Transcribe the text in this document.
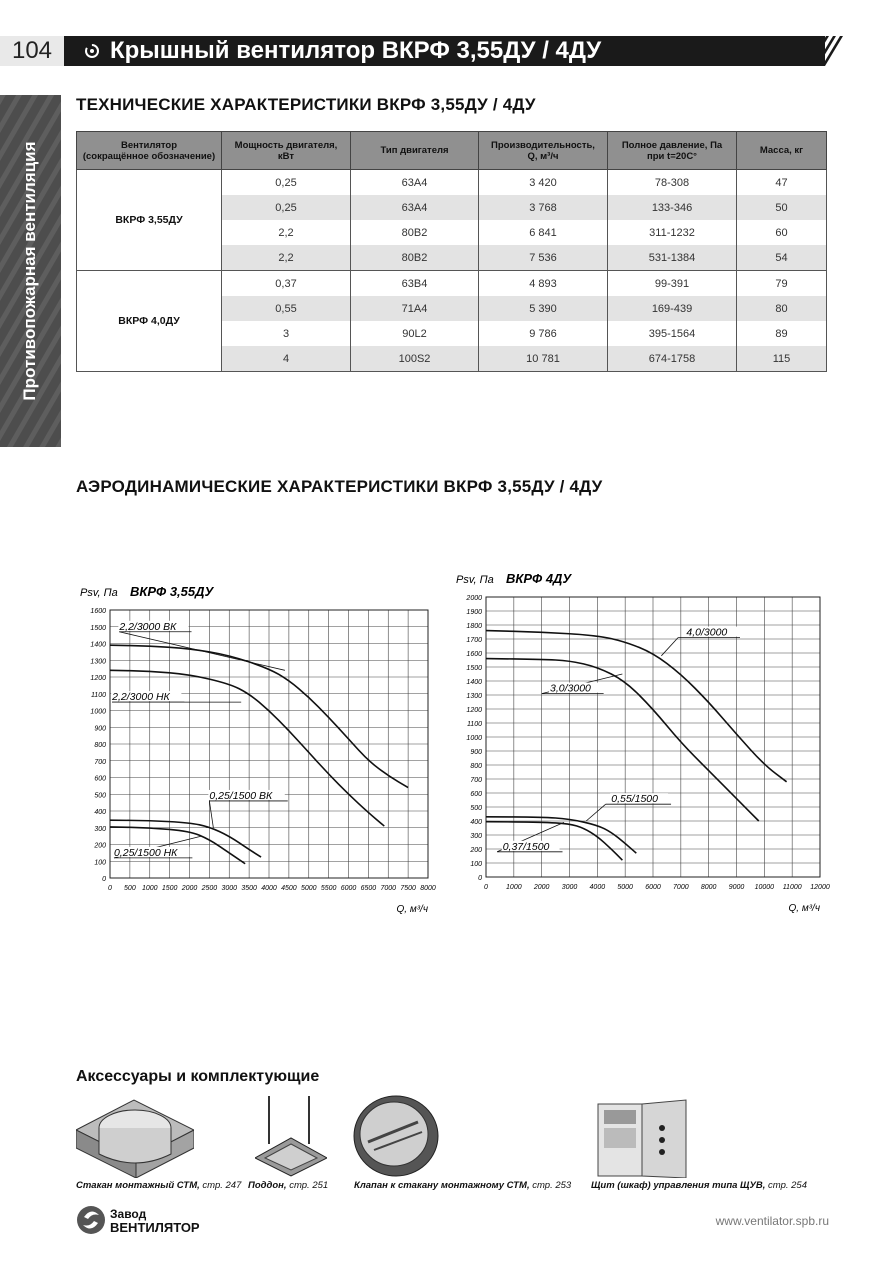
104	Крышный вентилятор ВКРФ 3,55ДУ / 4ДУ
Противопожарная вентиляция
ТЕХНИЧЕСКИЕ ХАРАКТЕРИСТИКИ ВКРФ 3,55ДУ / 4ДУ
Вентилятор
(сокращённое обозначение)	Мощность двигателя,
кВт	Тип двигателя	Производительность,
Q, м³/ч	Полное давление, Па
при t=20C°	Масса, кг
ВКРФ 3,55ДУ	0,25	63А4	3 420	78-308	47
	0,25	63А4	3 768	133-346	50
	2,2	80В2	6 841	311-1232	60
	2,2	80В2	7 536	531-1384	54
ВКРФ 4,0ДУ	0,37	63В4	4 893	99-391	79
	0,55	71А4	5 390	169-439	80
	3	90L2	9 786	395-1564	89
	4	100S2	10 781	674-1758	115
АЭРОДИНАМИЧЕСКИЕ ХАРАКТЕРИСТИКИ ВКРФ 3,55ДУ / 4ДУ
ВКРФ 3,55ДУ
Psv, Па
0 500 1000 1500 2000 2500 3000 3500 4000 4500 5000 5500 6000 6500 7000 7500 8000
0
100
200
300
400
500
600
700
800
900
1000
1100
1200
1300
1400
1500
1600
Q, м³/ч
2,2/3000 ВК
2,2/3000 НК
0,25/1500 ВК
0,25/1500 НК
ВКРФ 4ДУ
Psv, Па
0	1000 2000 3000 4000 5000 6000 7000 8000 9000 10000 11000 12000
0
100
200
300
400
500
600
700
800
900
1000
1100
1200
1300
1400
1500
1600
1700
1800
1900
2000
Q, м³/ч
4,0/3000
3,0/3000
0,55/1500
0,37/1500
Аксессуары и комплектующие
Стакан монтажный СТМ, стр. 247 Поддон, стр. 251	Клапан к стакану монтажному СТМ, стр. 253 Щит (шкаф) управления типа ЩУВ, стр. 254
Завод
ВЕНТИЛЯТОР	www.ventilator.spb.ru
